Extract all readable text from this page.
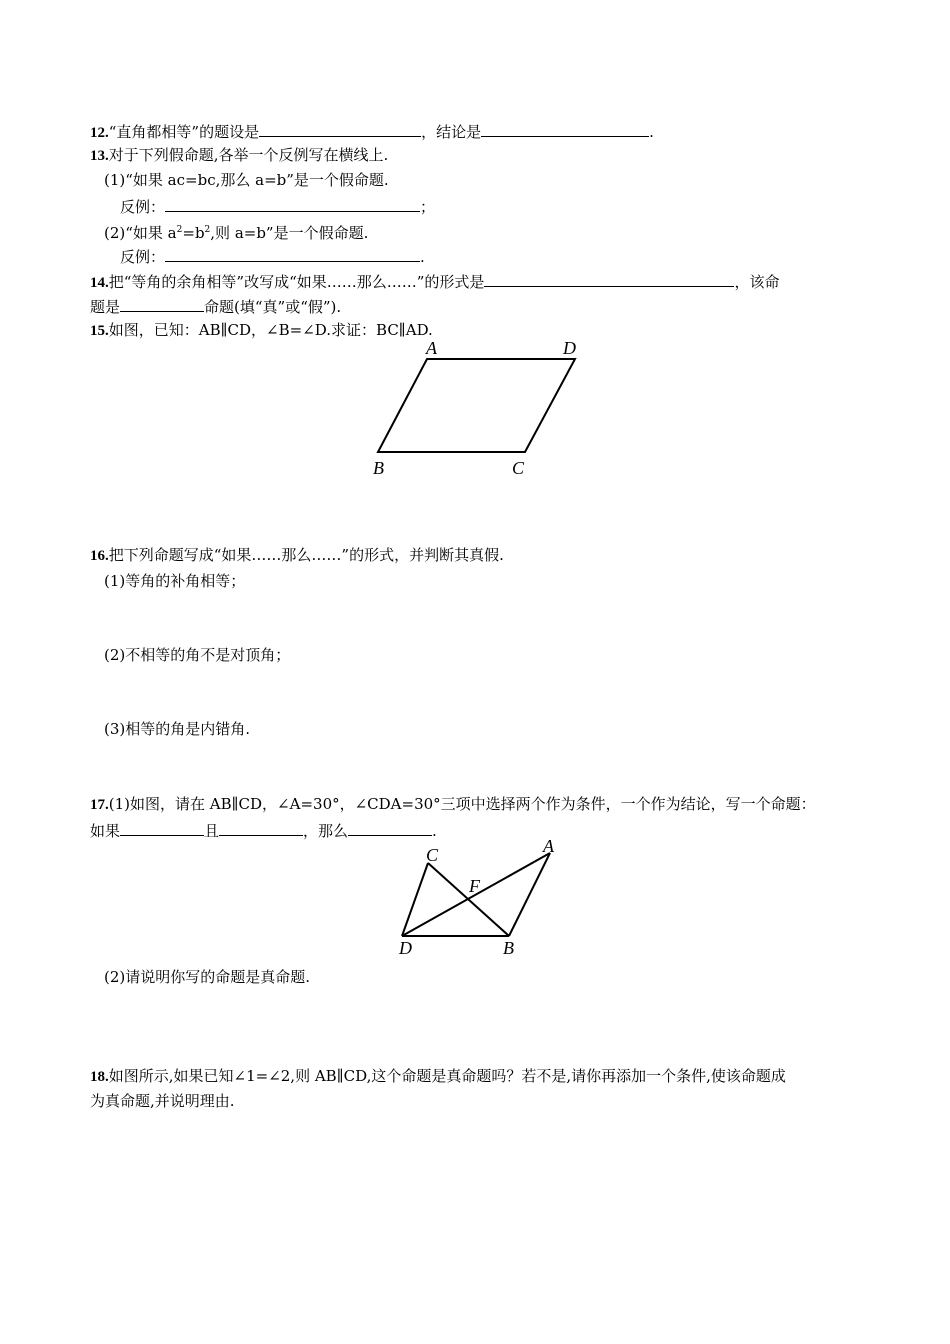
12.“直角都相等”的题设是	，结论是	.
13.对于下列假命题,各举一个反例写在横线上.
(1)“如果 ac=bc,那么 a=b”是一个假命题.
反例：	；
(2)“如果 $a^2=b^2$,则 a=b”是一个假命题.
反例：	.
14.把“等角的余角相等”改写成“如果……那么……”的形式是	，该命
题是	命题(填“真”或“假”).
15.如图，已知：AB∥CD，∠B=∠D.求证：BC∥AD.
A	D
B	C
16.把下列命题写成“如果……那么……”的形式，并判断其真假.
(1)等角的补角相等；
(2)不相等的角不是对顶角；
(3)相等的角是内错角.
17.(1)如图，请在 AB∥CD，∠A=30°，∠CDA=30°三项中选择两个作为条件，一个作为结论，写一个命题：
如果	且	，那么	.
C	A
F
D	B
(2)请说明你写的命题是真命题.
18.如图所示,如果已知∠1=∠2,则 AB∥CD,这个命题是真命题吗？若不是,请你再添加一个条件,使该命题成
为真命题,并说明理由.
